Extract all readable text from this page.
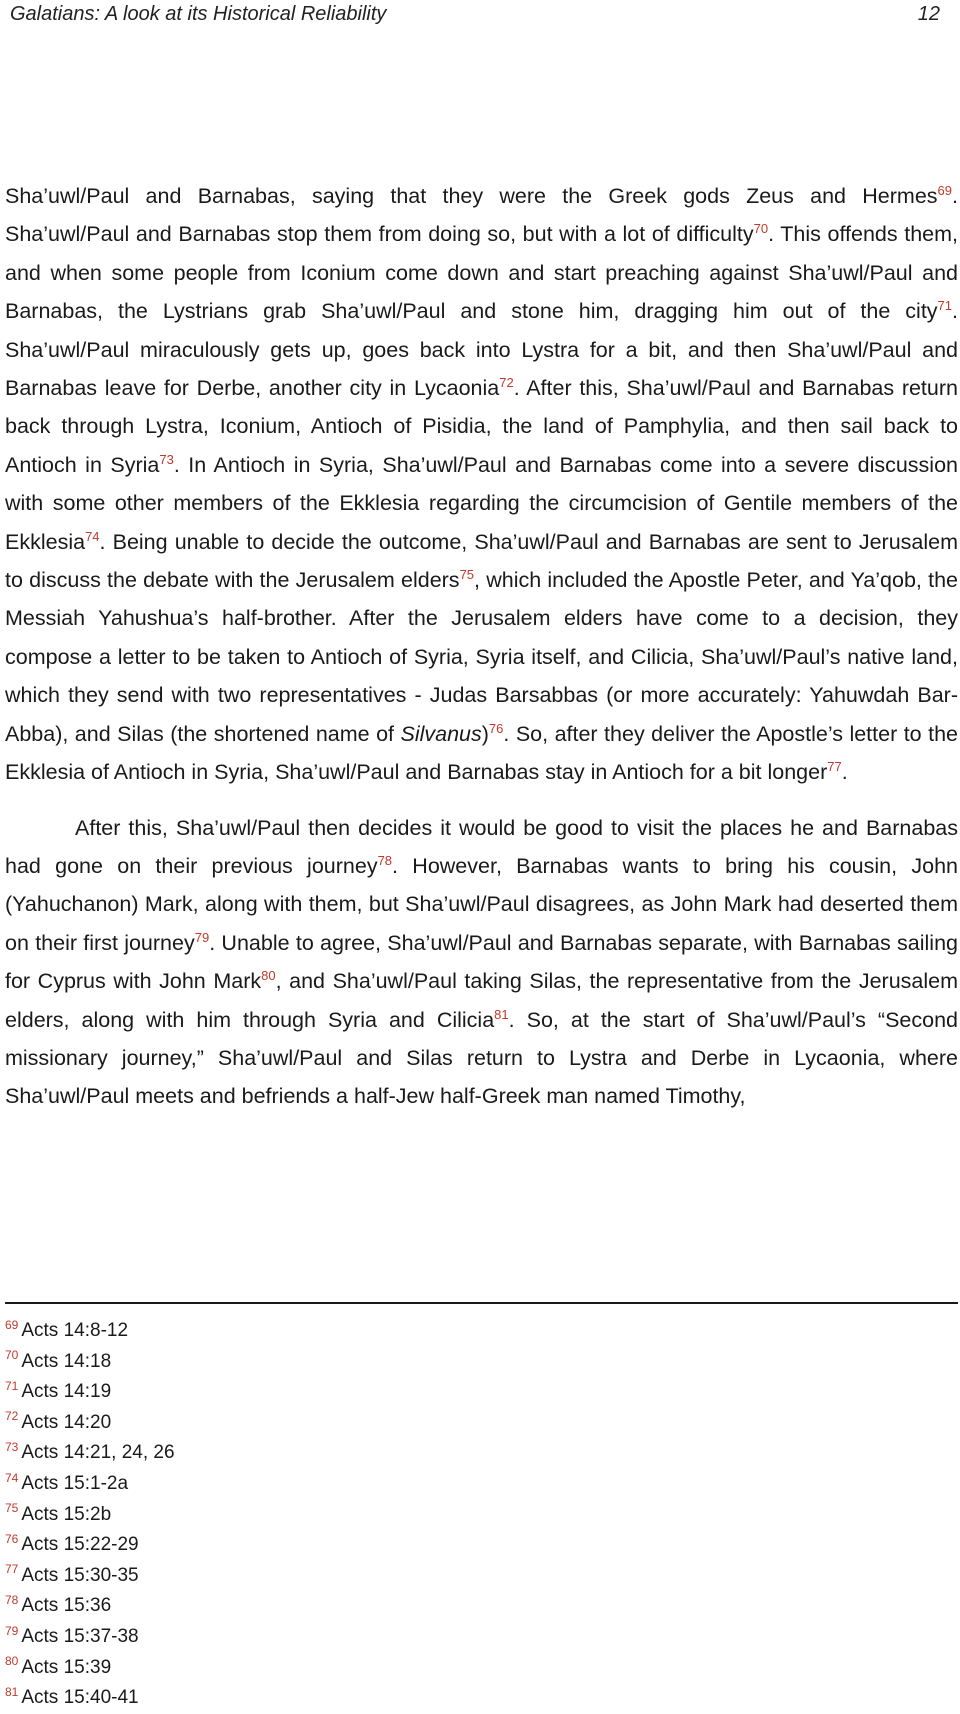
Galatians: A look at its Historical Reliability	12

Sha’uwl/Paul and Barnabas, saying that they were the Greek gods Zeus and Hermes$^{69}$. Sha’uwl/Paul and Barnabas stop them from doing so, but with a lot of difficulty$^{70}$. This offends them, and when some people from Iconium come down and start preaching against Sha’uwl/Paul and Barnabas, the Lystrians grab Sha’uwl/Paul and stone him, dragging him out of the city$^{71}$. Sha’uwl/Paul miraculously gets up, goes back into Lystra for a bit, and then Sha’uwl/Paul and Barnabas leave for Derbe, another city in Lycaonia$^{72}$. After this, Sha’uwl/Paul and Barnabas return back through Lystra, Iconium, Antioch of Pisidia, the land of Pamphylia, and then sail back to Antioch in Syria$^{73}$. In Antioch in Syria, Sha’uwl/Paul and Barnabas come into a severe discussion with some other members of the Ekklesia regarding the circumcision of Gentile members of the Ekklesia$^{74}$. Being unable to decide the outcome, Sha’uwl/Paul and Barnabas are sent to Jerusalem to discuss the debate with the Jerusalem elders$^{75}$, which included the Apostle Peter, and Ya’qob, the Messiah Yahushua’s half-brother. After the Jerusalem elders have come to a decision, they compose a letter to be taken to Antioch of Syria, Syria itself, and Cilicia, Sha’uwl/Paul’s native land, which they send with two representatives - Judas Barsabbas (or more accurately: Yahuwdah Bar-Abba), and Silas (the shortened name of Silvanus)$^{76}$. So, after they deliver the Apostle’s letter to the Ekklesia of Antioch in Syria, Sha’uwl/Paul and Barnabas stay in Antioch for a bit longer$^{77}$.

After this, Sha’uwl/Paul then decides it would be good to visit the places he and Barnabas had gone on their previous journey$^{78}$. However, Barnabas wants to bring his cousin, John (Yahuchanon) Mark, along with them, but Sha’uwl/Paul disagrees, as John Mark had deserted them on their first journey$^{79}$. Unable to agree, Sha’uwl/Paul and Barnabas separate, with Barnabas sailing for Cyprus with John Mark$^{80}$, and Sha’uwl/Paul taking Silas, the representative from the Jerusalem elders, along with him through Syria and Cilicia$^{81}$. So, at the start of Sha’uwl/Paul’s “Second missionary journey,” Sha’uwl/Paul and Silas return to Lystra and Derbe in Lycaonia, where Sha’uwl/Paul meets and befriends a half-Jew half-Greek man named Timothy,

$^{69}$ Acts 14:8-12
$^{70}$ Acts 14:18
$^{71}$ Acts 14:19
$^{72}$ Acts 14:20
$^{73}$ Acts 14:21, 24, 26
$^{74}$ Acts 15:1-2a
$^{75}$ Acts 15:2b
$^{76}$ Acts 15:22-29
$^{77}$ Acts 15:30-35
$^{78}$ Acts 15:36
$^{79}$ Acts 15:37-38
$^{80}$ Acts 15:39
$^{81}$ Acts 15:40-41
